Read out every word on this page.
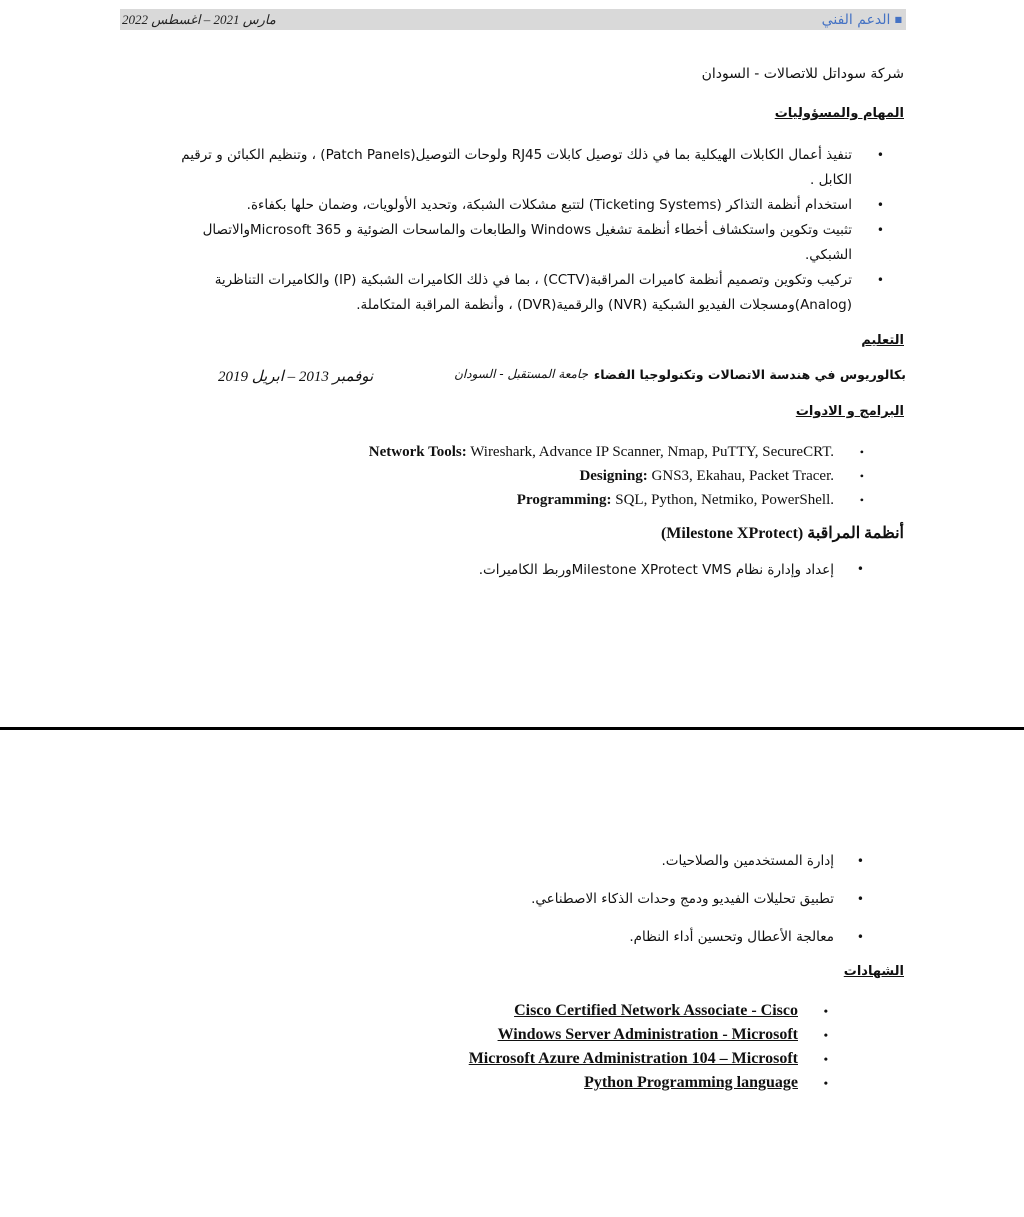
مارس 2021 – اغسطس 2022	■الدعم الفني
شركة سوداتل للاتصالات - السودان
المهام والمسؤوليات
•
تنفيذ أعمال الكابلات الهيكلية بما في ذلك توصيل كابلات RJ45 ولوحات التوصيل(Patch Panels) ، وتنظيم الكبائن و ترقيم الكابل .
•
استخدام أنظمة التذاكر (Ticketing Systems) لتتبع مشكلات الشبكة، وتحديد الأولويات، وضمان حلها بكفاءة.
•
تثبيت وتكوين واستكشاف أخطاء أنظمة تشغيل Windows والطابعات والماسحات الضوئية و Microsoft 365والاتصال الشبكي.
•
تركيب وتكوين وتصميم أنظمة كاميرات المراقبة(CCTV) ، بما في ذلك الكاميرات الشبكية (IP) والكاميرات التناظرية (Analog)ومسجلات الفيديو الشبكية (NVR) والرقمية(DVR) ، وأنظمة المراقبة المتكاملة.
التعليم
بكالوريوس في هندسة الاتصالات وتكنولوجيا الفضاء
جامعة المستقبل - السودان
نوفمبر 2013 – ابريل 2019
البرامج و الادوات
•
Network Tools: Wireshark, Advance IP Scanner, Nmap, PuTTY, SecureCRT.
•
Designing: GNS3, Ekahau, Packet Tracer.
•
Programming: SQL, Python, Netmiko, PowerShell.
أنظمة المراقبة (Milestone XProtect)
•
إعداد وإدارة نظام Milestone XProtect VMSوربط الكاميرات.
•
إدارة المستخدمين والصلاحيات.
•
تطبيق تحليلات الفيديو ودمج وحدات الذكاء الاصطناعي.
•
معالجة الأعطال وتحسين أداء النظام.
الشهادات
•
Cisco Certified Network Associate - Cisco
•
Windows Server Administration - Microsoft
•
Microsoft Azure Administration 104 – Microsoft
•
Python Programming language
